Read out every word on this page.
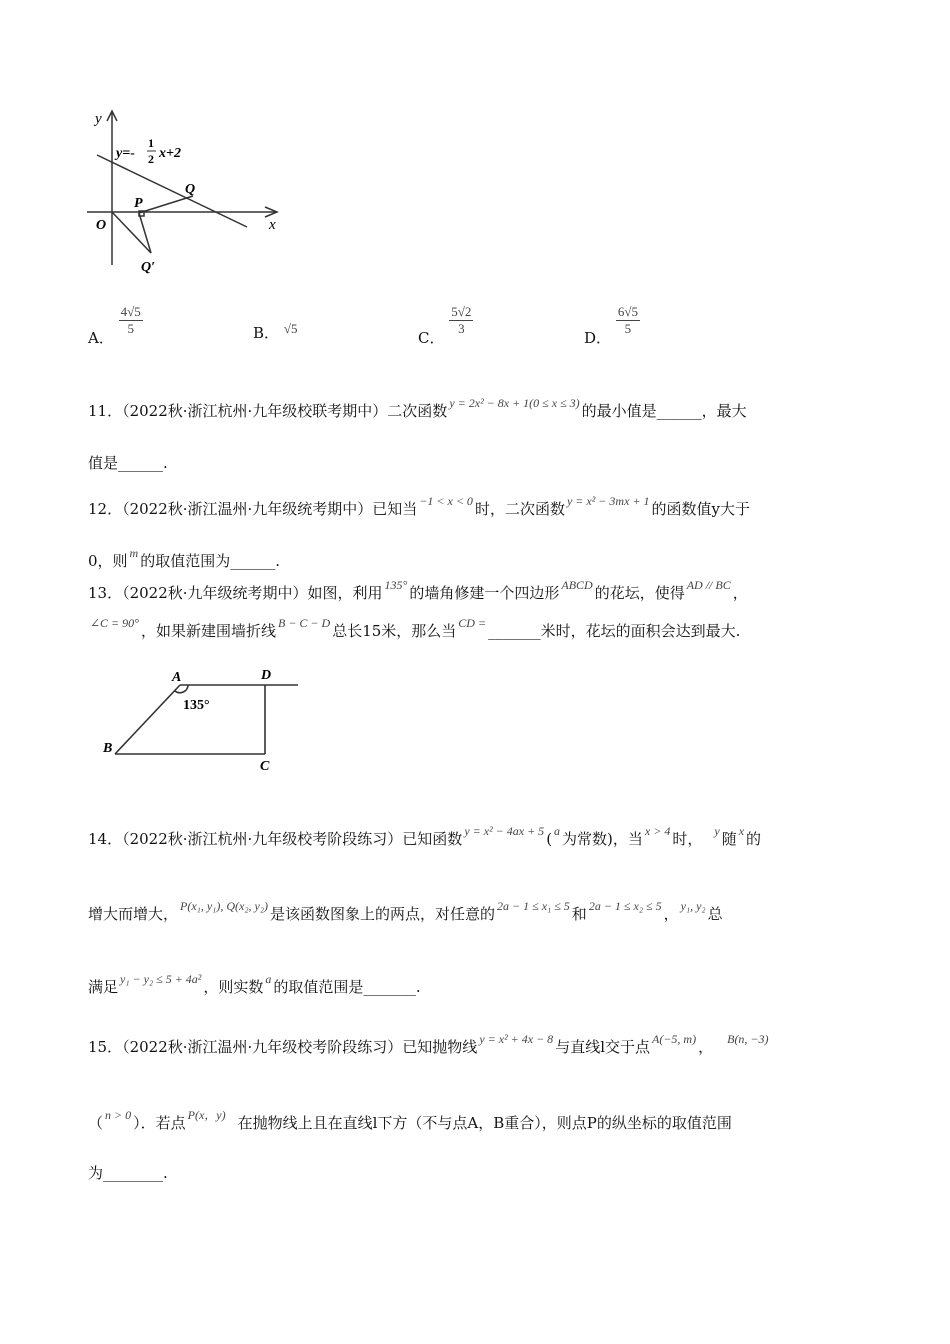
y
x
O
y=-
1
2 x+2
P
Q
Q′
A．
$\frac{4√5}{5}$	B． √5	C．
$\frac{5√2}{3}$
D．
$\frac{6√5}{5}$
11．（2022秋·浙江杭州·九年级校联考期中）二次函数 $^{y = 2x^2 - 8x + 1(0 \le x \le 3)}$ 的最小值是______，最大
值是______.
12．（2022秋·浙江温州·九年级统考期中）已知当 $^{-1 < x < 0}$ 时，二次函数 $^{y = x^2 - 3mx + 1}$ 的函数值y大于
0，则 $^m$ 的取值范围为______.
13．（2022秋·九年级统考期中）如图，利用 $^{135^\circ}$ 的墙角修建一个四边形 $^{ABCD}$ 的花坛，使得 $^{AD // BC}$ ，
$^{\angle C = 90^\circ}$ ，如果新建围墙折线 $^{B - C - D}$ 总长15米，那么当 $^{CD =}$ _______米时，花坛的面积会达到最大.
A	D
B
C
135°
14．（2022秋·浙江杭州·九年级校考阶段练习）已知函数 $^{y = x^2 - 4ax + 5}$ ( $^a$ 为常数)，当 $^{x > 4}$ 时， $^y$ 随 $^x$ 的
增大而增大， $^{P(x_1, y_1), Q(x_2, y_2)}$ 是该函数图象上的两点，对任意的 $^{2a - 1 \le x_1 \le 5}$ 和 $^{2a - 1 \le x_2 \le 5}$ ， $^{y_1, y_2}$ 总
满足 $^{y_1 - y_2 \le 5 + 4a^2}$ ，则实数 $^a$ 的取值范围是_______.
15．（2022秋·浙江温州·九年级校考阶段练习）已知抛物线 $^{y = x^2 + 4x - 8}$ 与直线l交于点 $^{A(-5, m)}$ ， $^{B(n, -3)}$
（ $^{n > 0}$ ）．若点 $^{P(x,y)}$ 在抛物线上且在直线l下方（不与点A，B重合），则点P的纵坐标的取值范围
为________.
